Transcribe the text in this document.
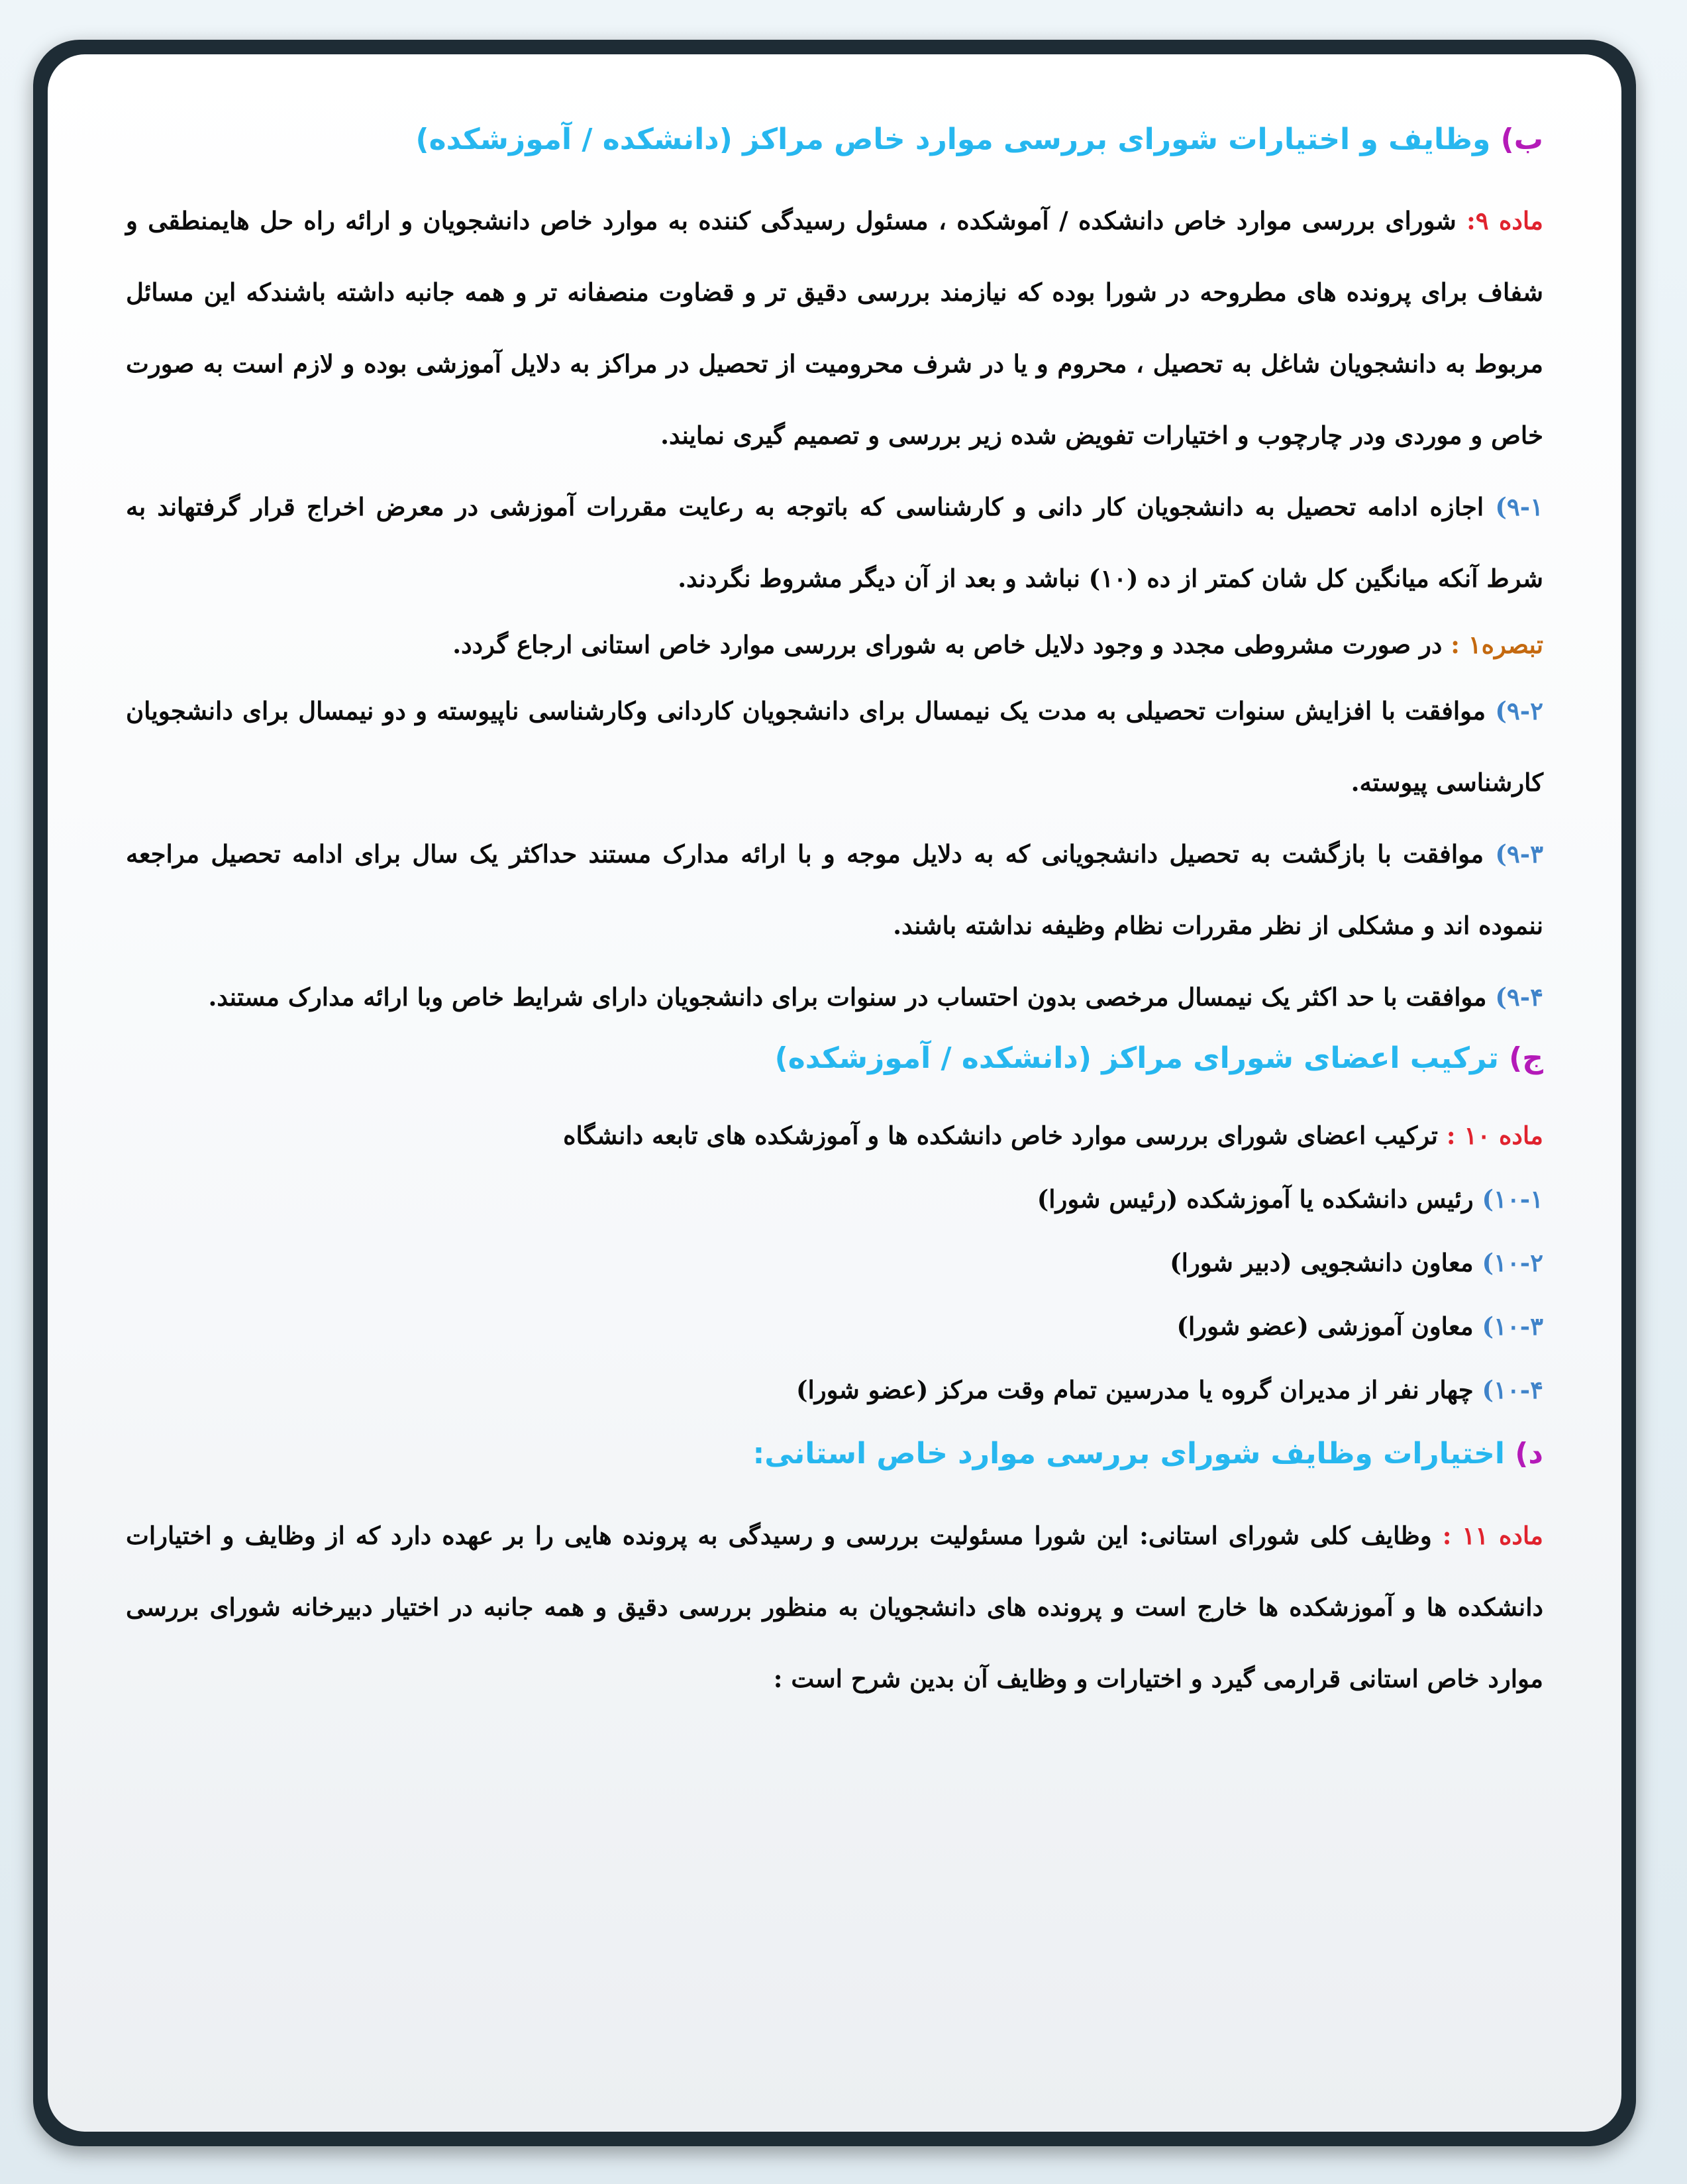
ب) وظایف و اختیارات شورای بررسی موارد خاص مراکز (دانشکده / آموزشکده)

ماده ۹: شورای بررسی موارد خاص دانشکده / آموشکده ، مسئول رسیدگی کننده به موارد خاص دانشجویان و ارائه راه حل هایمنطقی و شفاف برای پرونده های مطروحه در شورا بوده که نیازمند بررسی دقیق تر و قضاوت منصفانه تر و همه جانبه داشته باشندکه این مسائل مربوط به دانشجویان شاغل به تحصیل ، محروم و یا در شرف محرومیت از تحصیل در مراکز به دلایل آموزشی بوده و لازم است به صورت خاص و موردی ودر چارچوب و اختیارات تفویض شده زیر بررسی و تصمیم گیری نمایند.

۹-۱) اجازه ادامه تحصیل به دانشجویان کار دانی و کارشناسی که باتوجه به رعایت مقررات آموزشی در معرض اخراج قرار گرفتهاند به شرط آنکه میانگین کل شان کمتر از ده (۱۰) نباشد و بعد از آن دیگر مشروط نگردند.

تبصره۱ : در صورت مشروطی مجدد و وجود دلایل خاص به شورای بررسی موارد خاص استانی ارجاع گردد.

۹-۲) موافقت با افزایش سنوات تحصیلی به مدت یک نیمسال برای دانشجویان کاردانی وکارشناسی ناپیوسته و دو نیمسال برای دانشجویان کارشناسی پیوسته.

۹-۳) موافقت با بازگشت به تحصیل دانشجویانی که به دلایل موجه و با ارائه مدارک مستند حداکثر یک سال برای ادامه تحصیل مراجعه ننموده اند و مشکلی از نظر مقررات نظام وظیفه نداشته باشند.

۹-۴) موافقت با حد اکثر یک نیمسال مرخصی بدون احتساب در سنوات برای دانشجویان دارای شرایط خاص وبا ارائه مدارک مستند.

ج) ترکیب اعضای شورای مراکز (دانشکده / آموزشکده)

ماده ۱۰ : ترکیب اعضای شورای بررسی موارد خاص دانشکده ها و آموزشکده های تابعه دانشگاه

۱۰-۱) رئیس دانشکده یا آموزشکده (رئیس شورا)

۱۰-۲) معاون دانشجویی (دبیر شورا)

۱۰-۳) معاون آموزشی (عضو شورا)

۱۰-۴) چهار نفر از مدیران گروه یا مدرسین تمام وقت مرکز (عضو شورا)

د) اختیارات وظایف شورای بررسی موارد خاص استانی:

ماده ۱۱ : وظایف کلی شورای استانی: این شورا مسئولیت بررسی و رسیدگی به پرونده هایی را بر عهده دارد که از وظایف و اختیارات دانشکده ها و آموزشکده ها خارج است و پرونده های دانشجویان به منظور بررسی دقیق و همه جانبه در اختیار دبیرخانه شورای بررسی موارد خاص استانی قرارمی گیرد و اختیارات و وظایف آن بدین شرح است :
